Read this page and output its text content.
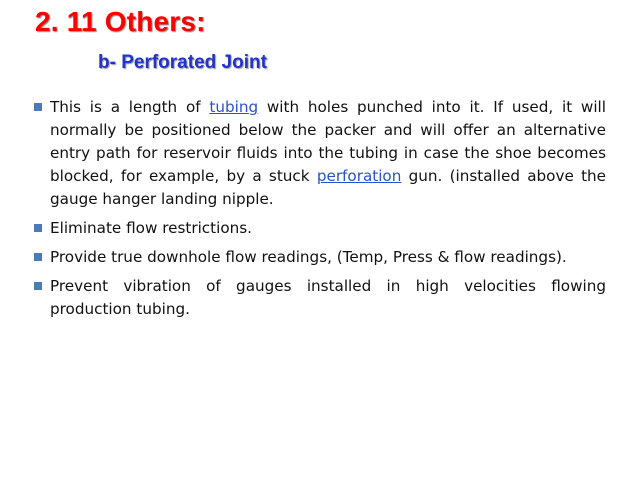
2. 11 Others:
b- Perforated Joint
This is a length of tubing with holes punched into it. If used, it will normally be positioned below the packer and will offer an alternative entry path for reservoir fluids into the tubing in case the shoe becomes blocked, for example, by a stuck perforation gun. (installed above the gauge hanger landing nipple.
Eliminate flow restrictions.
Provide true downhole flow readings, (Temp, Press & flow readings).
Prevent vibration of gauges installed in high velocities flowing production tubing.
